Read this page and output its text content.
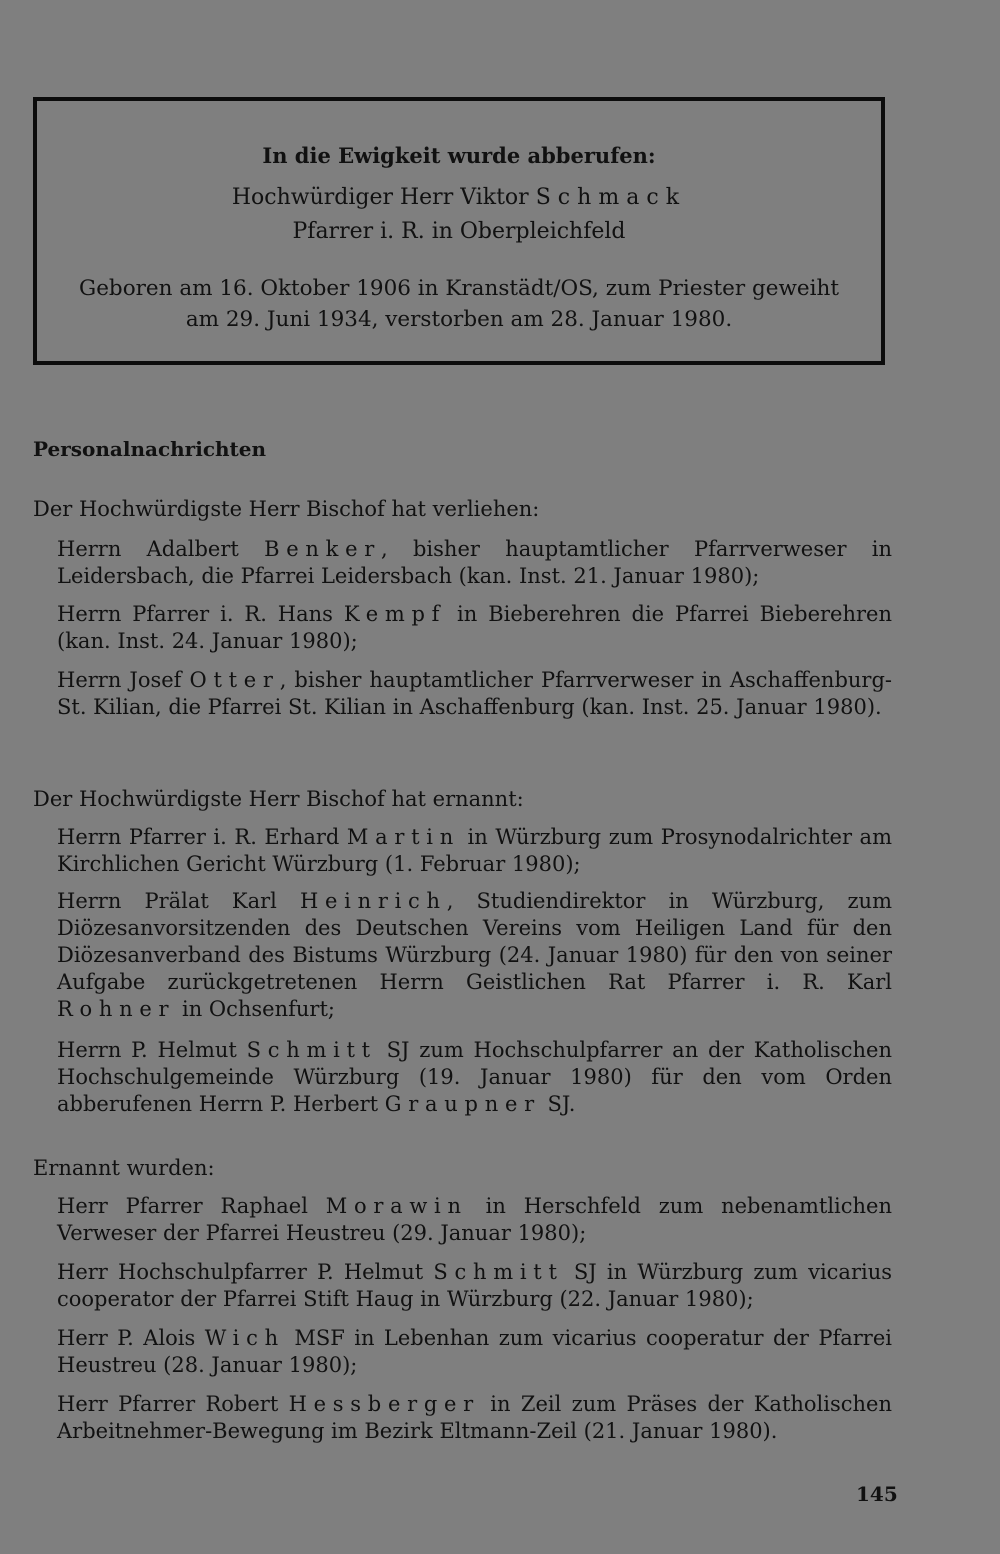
In die Ewigkeit wurde abberufen:
Hochwürdiger Herr Viktor Schmack
Pfarrer i. R. in Oberpleichfeld
Geboren am 16. Oktober 1906 in Kranstädt/OS, zum Priester geweiht
am 29. Juni 1934, verstorben am 28. Januar 1980.
Personalnachrichten
Der Hochwürdigste Herr Bischof hat verliehen:
Herrn Adalbert Benker, bisher hauptamtlicher Pfarrverweser in Leidersbach, die Pfarrei Leidersbach (kan. Inst. 21. Januar 1980);
Herrn Pfarrer i. R. Hans Kempf in Bieberehren die Pfarrei Bieberehren (kan. Inst. 24. Januar 1980);
Herrn Josef Otter, bisher hauptamtlicher Pfarrverweser in Aschaffenburg-St. Kilian, die Pfarrei St. Kilian in Aschaffenburg (kan. Inst. 25. Januar 1980).
Der Hochwürdigste Herr Bischof hat ernannt:
Herrn Pfarrer i. R. Erhard Martin in Würzburg zum Prosynodalrichter am Kirchlichen Gericht Würzburg (1. Februar 1980);
Herrn Prälat Karl Heinrich, Studiendirektor in Würzburg, zum Diözesanvorsitzenden des Deutschen Vereins vom Heiligen Land für den Diözesanverband des Bistums Würzburg (24. Januar 1980) für den von seiner Aufgabe zurückgetretenen Herrn Geistlichen Rat Pfarrer i. R. Karl Rohner in Ochsenfurt;
Herrn P. Helmut Schmitt SJ zum Hochschulpfarrer an der Katholischen Hochschulgemeinde Würzburg (19. Januar 1980) für den vom Orden abberufenen Herrn P. Herbert Graupner SJ.
Ernannt wurden:
Herr Pfarrer Raphael Morawin in Herschfeld zum nebenamtlichen Verweser der Pfarrei Heustreu (29. Januar 1980);
Herr Hochschulpfarrer P. Helmut Schmitt SJ in Würzburg zum vicarius cooperator der Pfarrei Stift Haug in Würzburg (22. Januar 1980);
Herr P. Alois Wich MSF in Lebenhan zum vicarius cooperatur der Pfarrei Heustreu (28. Januar 1980);
Herr Pfarrer Robert Hessberger in Zeil zum Präses der Katholischen Arbeitnehmer-Bewegung im Bezirk Eltmann-Zeil (21. Januar 1980).
145
